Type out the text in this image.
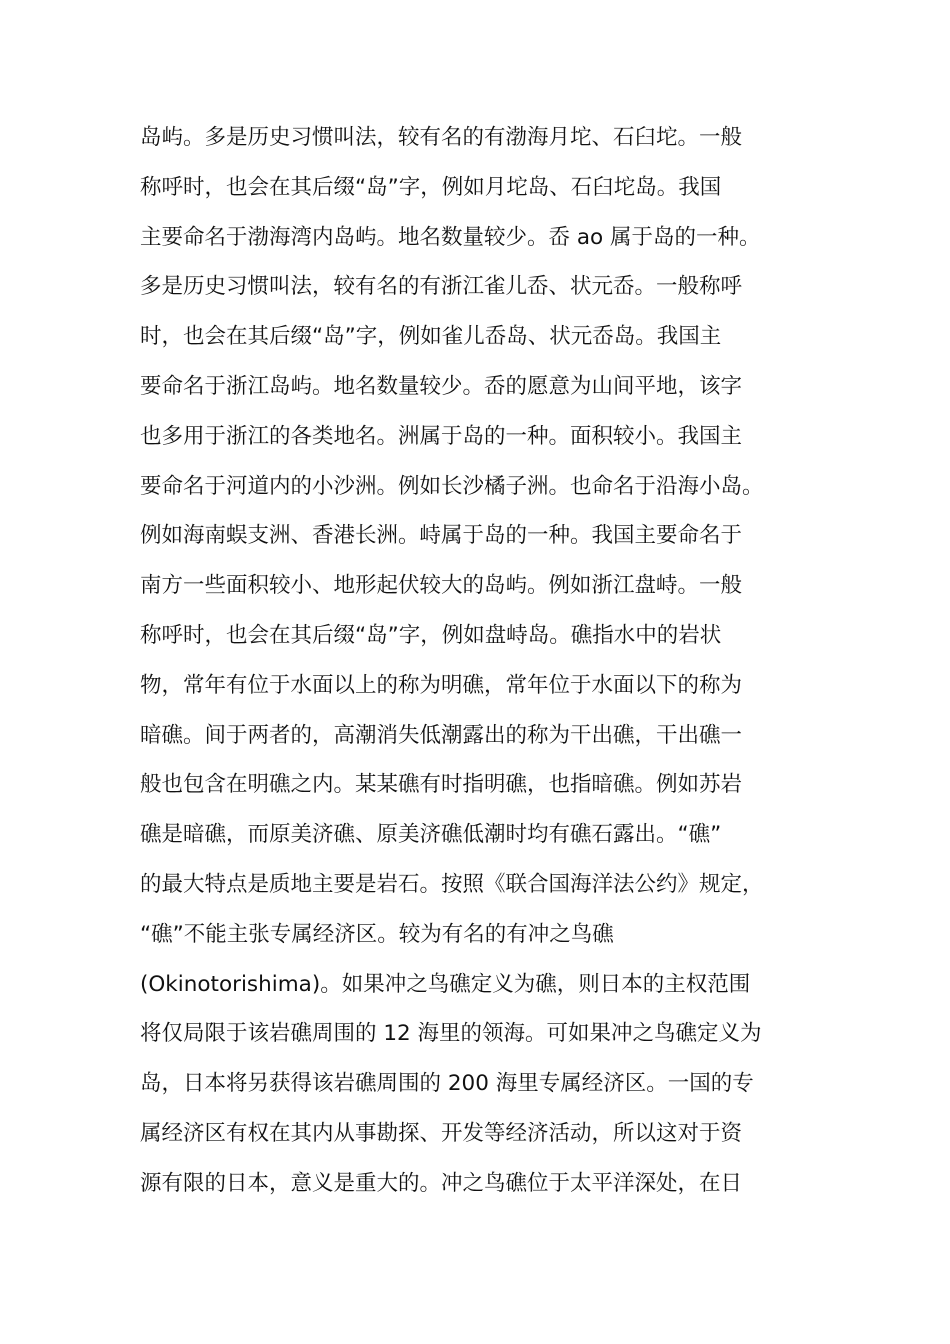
岛屿。多是历史习惯叫法，较有名的有渤海月坨、石臼坨。一般
称呼时，也会在其后缀“岛”字，例如月坨岛、石臼坨岛。我国
主要命名于渤海湾内岛屿。地名数量较少。岙 ao 属于岛的一种。
多是历史习惯叫法，较有名的有浙江雀儿岙、状元岙。一般称呼
时，也会在其后缀“岛”字，例如雀儿岙岛、状元岙岛。我国主
要命名于浙江岛屿。地名数量较少。岙的愿意为山间平地，该字
也多用于浙江的各类地名。洲属于岛的一种。面积较小。我国主
要命名于河道内的小沙洲。例如长沙橘子洲。也命名于沿海小岛。
例如海南蜈支洲、香港长洲。峙属于岛的一种。我国主要命名于
南方一些面积较小、地形起伏较大的岛屿。例如浙江盘峙。一般
称呼时，也会在其后缀“岛”字，例如盘峙岛。礁指水中的岩状
物，常年有位于水面以上的称为明礁，常年位于水面以下的称为
暗礁。间于两者的，高潮消失低潮露出的称为干出礁，干出礁一
般也包含在明礁之内。某某礁有时指明礁，也指暗礁。例如苏岩
礁是暗礁，而原美济礁、原美济礁低潮时均有礁石露出。“礁”
的最大特点是质地主要是岩石。按照《联合国海洋法公约》规定，
“礁”不能主张专属经济区。较为有名的有冲之鸟礁
(Okinotorishima)。如果冲之鸟礁定义为礁，则日本的主权范围
将仅局限于该岩礁周围的 12 海里的领海。可如果冲之鸟礁定义为
岛，日本将另获得该岩礁周围的 200 海里专属经济区。一国的专
属经济区有权在其内从事勘探、开发等经济活动，所以这对于资
源有限的日本，意义是重大的。冲之鸟礁位于太平洋深处，在日
